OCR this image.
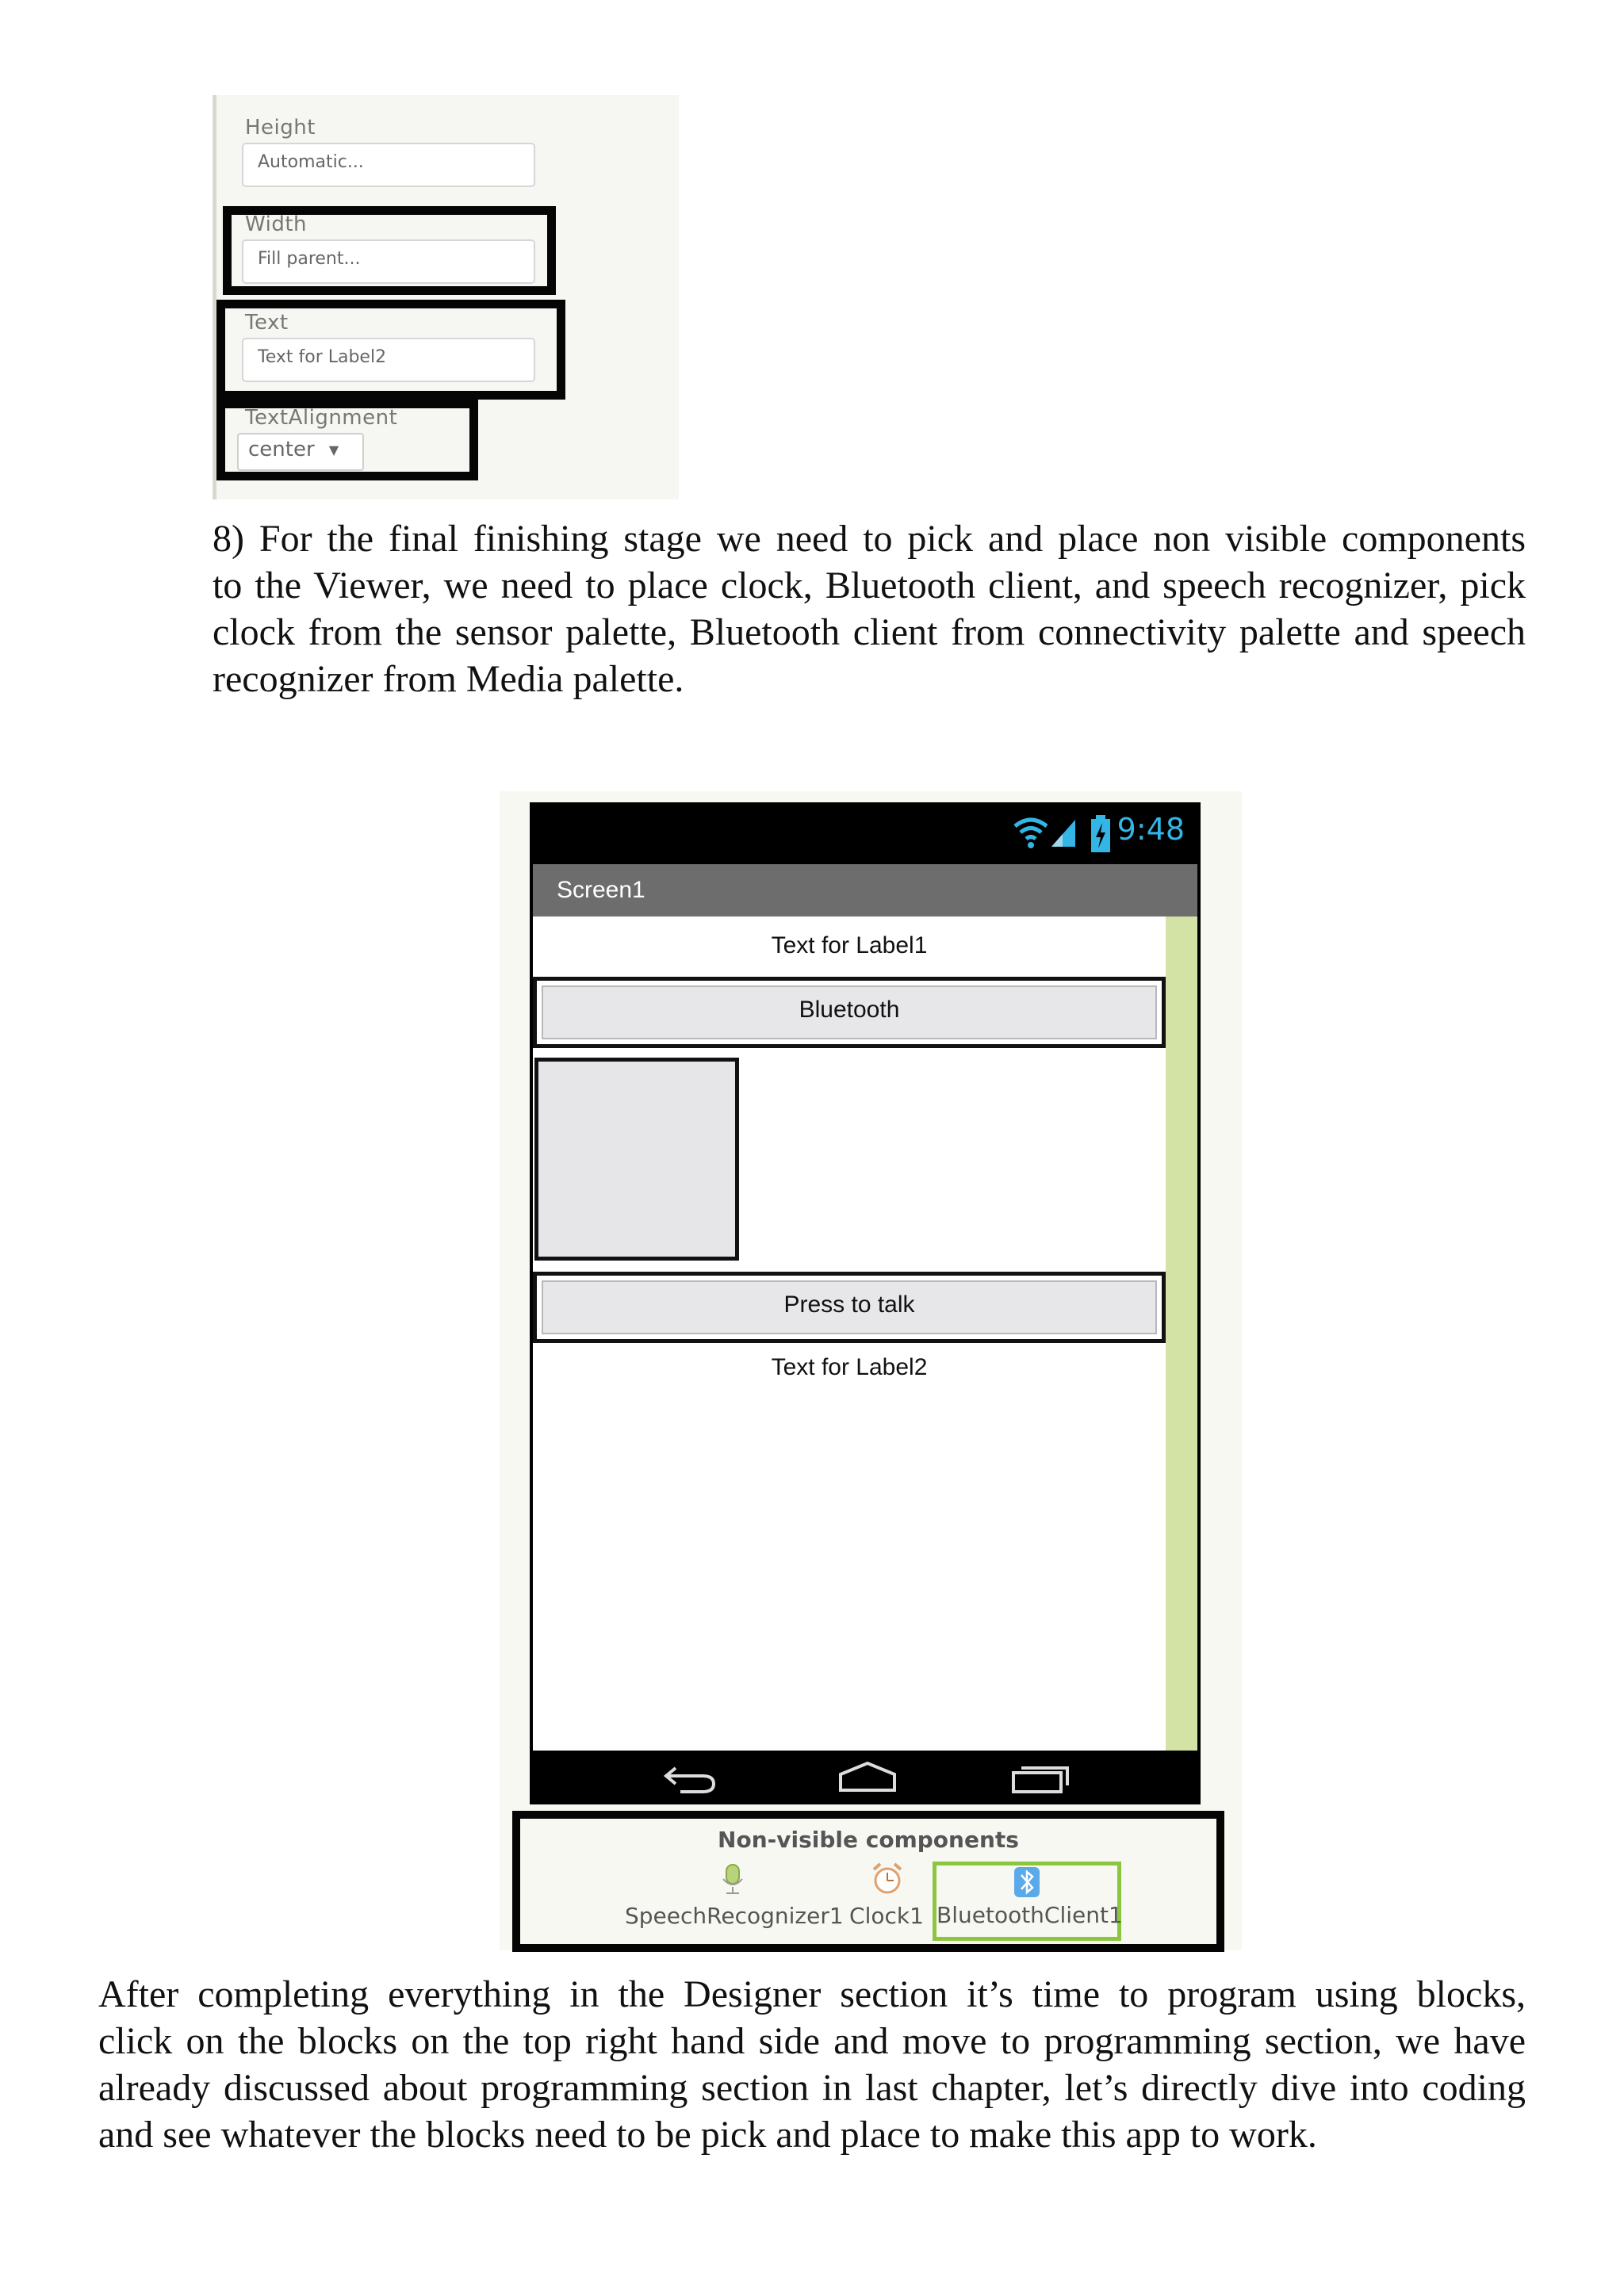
Height
Automatic...
Width
Fill parent...
Text
Text for Label2
TextAlignment
center ▼
8) For the final finishing stage we need to pick and place non visible components
to the Viewer, we need to place clock, Bluetooth client, and speech recognizer, pick
clock from the sensor palette, Bluetooth client from connectivity palette and speech
recognizer from Media palette.
9:48
Screen1
Text for Label1
Bluetooth
Press to talk
Text for Label2
Non-visible components
SpeechRecognizer1 Clock1 BluetoothClient1
After completing everything in the Designer section it’s time to program using blocks,
click on the blocks on the top right hand side and move to programming section, we have
already discussed about programming section in last chapter, let’s directly dive into coding
and see whatever the blocks need to be pick and place to make this app to work.
